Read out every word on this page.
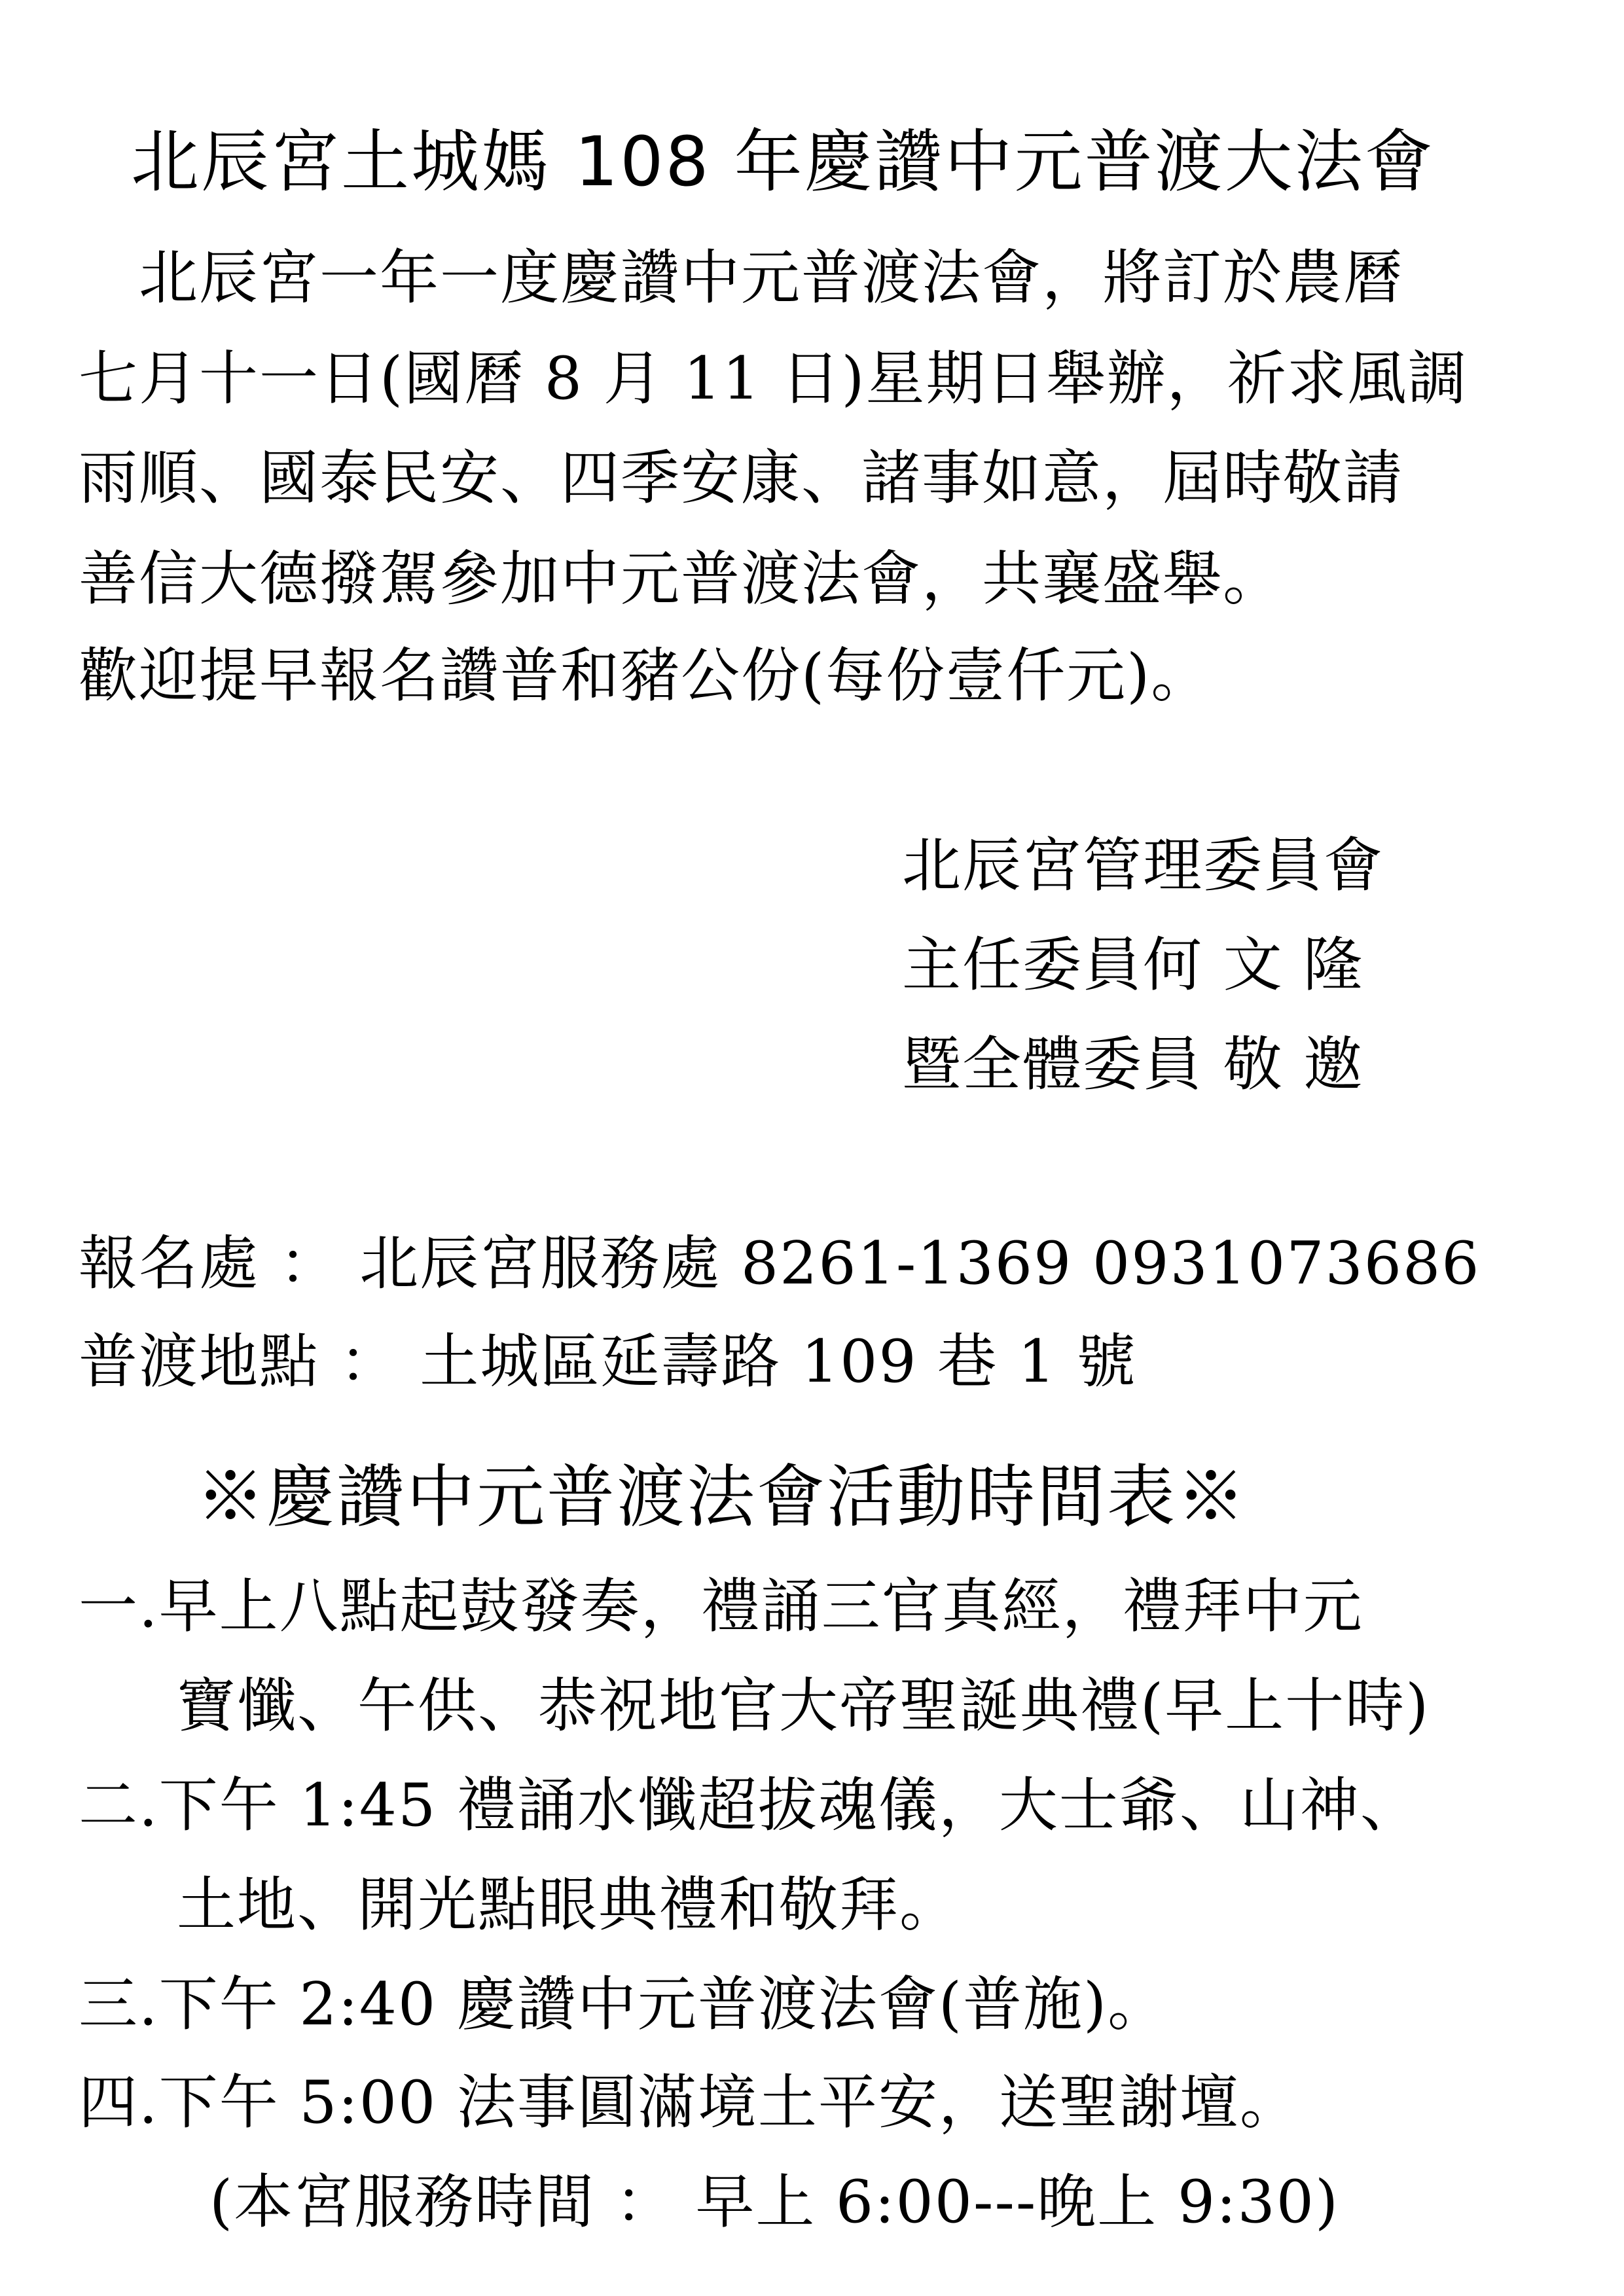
北辰宮土城媽 108 年慶讚中元普渡大法會
　北辰宮一年一度慶讚中元普渡法會，將訂於農曆
七月十一日(國曆 8 月 11 日)星期日舉辦，祈求風調
雨順、國泰民安、四季安康、諸事如意，屆時敬請
善信大德撥駕參加中元普渡法會，共襄盛舉。
歡迎提早報名讚普和豬公份(每份壹仟元)。
北辰宮管理委員會
主任委員何 文 隆
暨全體委員 敬 邀
報名處 ： 北辰宮服務處 8261-1369 0931073686
普渡地點 ： 土城區延壽路 109 巷 1 號
※慶讚中元普渡法會活動時間表※
一.早上八點起鼓發奏，禮誦三官真經，禮拜中元
寶懺、午供、恭祝地官大帝聖誕典禮(早上十時)
二.下午 1:45 禮誦水懺超拔魂儀，大士爺、山神、
土地、開光點眼典禮和敬拜。
三.下午 2:40 慶讚中元普渡法會(普施)。
四.下午 5:00 法事圓滿境土平安，送聖謝壇。
(本宮服務時間 ： 早上 6:00---晚上 9:30)
